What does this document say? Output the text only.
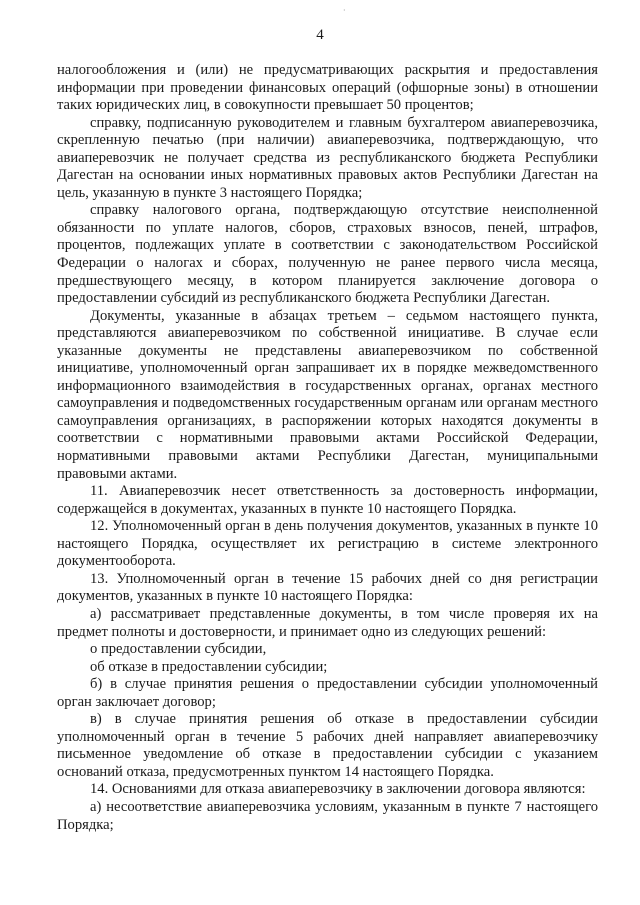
·
4

налогообложения и (или) не предусматривающих раскрытия и предоставления информации при проведении финансовых операций (офшорные зоны) в отношении таких юридических лиц, в совокупности превышает 50 процентов;

справку, подписанную руководителем и главным бухгалтером авиаперевозчика, скрепленную печатью (при наличии) авиаперевозчика, подтверждающую, что авиаперевозчик не получает средства из республиканского бюджета Республики Дагестан на основании иных нормативных правовых актов Республики Дагестан на цель, указанную в пункте 3 настоящего Порядка;

справку налогового органа, подтверждающую отсутствие неисполненной обязанности по уплате налогов, сборов, страховых взносов, пеней, штрафов, процентов, подлежащих уплате в соответствии с законодательством Российской Федерации о налогах и сборах, полученную не ранее первого числа месяца, предшествующего месяцу, в котором планируется заключение договора о предоставлении субсидий из республиканского бюджета Республики Дагестан.

Документы, указанные в абзацах третьем – седьмом настоящего пункта, представляются авиаперевозчиком по собственной инициативе. В случае если указанные документы не представлены авиаперевозчиком по собственной инициативе, уполномоченный орган запрашивает их в порядке межведомственного информационного взаимодействия в государственных органах, органах местного самоуправления и подведомственных государственным органам или органам местного самоуправления организациях, в распоряжении которых находятся документы в соответствии с нормативными правовыми актами Российской Федерации, нормативными правовыми актами Республики Дагестан, муниципальными правовыми актами.

11. Авиаперевозчик несет ответственность за достоверность информации, содержащейся в документах, указанных в пункте 10 настоящего Порядка.

12. Уполномоченный орган в день получения документов, указанных в пункте 10 настоящего Порядка, осуществляет их регистрацию в системе электронного документооборота.

13. Уполномоченный орган в течение 15 рабочих дней со дня регистрации документов, указанных в пункте 10 настоящего Порядка:

а) рассматривает представленные документы, в том числе проверяя их на предмет полноты и достоверности, и принимает одно из следующих решений:

о предоставлении субсидии,

об отказе в предоставлении субсидии;

б) в случае принятия решения о предоставлении субсидии уполномоченный орган заключает договор;

в) в случае принятия решения об отказе в предоставлении субсидии уполномоченный орган в течение 5 рабочих дней направляет авиаперевозчику письменное уведомление об отказе в предоставлении субсидии с указанием оснований отказа, предусмотренных пунктом 14 настоящего Порядка.

14. Основаниями для отказа авиаперевозчику в заключении договора являются:

а) несоответствие авиаперевозчика условиям, указанным в пункте 7 настоящего Порядка;
